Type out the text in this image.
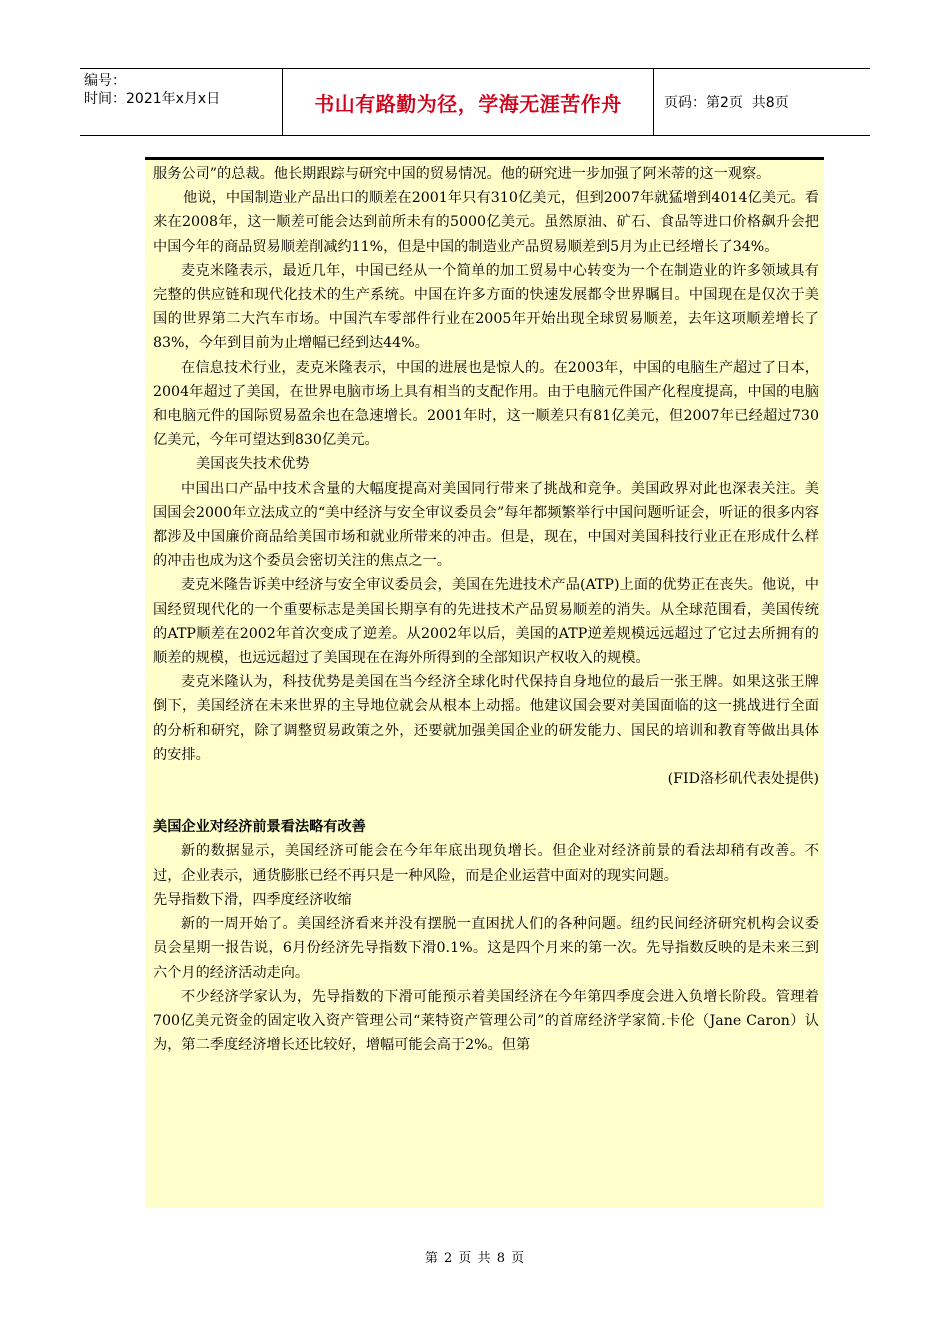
编号：
时间：2021年x月x日	书山有路勤为径，学海无涯苦作舟	页码：第2页  共8页

服务公司”的总裁。他长期跟踪与研究中国的贸易情况。他的研究进一步加强了阿米蒂的这一观察。

他说，中国制造业产品出口的顺差在2001年只有310亿美元，但到2007年就猛增到4014亿美元。看来在2008年，这一顺差可能会达到前所未有的5000亿美元。虽然原油、矿石、食品等进口价格飙升会把中国今年的商品贸易顺差削减约11%，但是中国的制造业产品贸易顺差到5月为止已经增长了34%。

麦克米隆表示，最近几年，中国已经从一个简单的加工贸易中心转变为一个在制造业的许多领域具有完整的供应链和现代化技术的生产系统。中国在许多方面的快速发展都令世界瞩目。中国现在是仅次于美国的世界第二大汽车市场。中国汽车零部件行业在2005年开始出现全球贸易顺差，去年这项顺差增长了83%，今年到目前为止增幅已经到达44%。

在信息技术行业，麦克米隆表示，中国的进展也是惊人的。在2003年，中国的电脑生产超过了日本，2004年超过了美国，在世界电脑市场上具有相当的支配作用。由于电脑元件国产化程度提高，中国的电脑和电脑元件的国际贸易盈余也在急速增长。2001年时，这一顺差只有81亿美元，但2007年已经超过730亿美元，今年可望达到830亿美元。

美国丧失技术优势

中国出口产品中技术含量的大幅度提高对美国同行带来了挑战和竞争。美国政界对此也深表关注。美国国会2000年立法成立的“美中经济与安全审议委员会”每年都频繁举行中国问题听证会，听证的很多内容都涉及中国廉价商品给美国市场和就业所带来的冲击。但是，现在，中国对美国科技行业正在形成什么样的冲击也成为这个委员会密切关注的焦点之一。

麦克米隆告诉美中经济与安全审议委员会，美国在先进技术产品(ATP)上面的优势正在丧失。他说，中国经贸现代化的一个重要标志是美国长期享有的先进技术产品贸易顺差的消失。从全球范围看，美国传统的ATP顺差在2002年首次变成了逆差。从2002年以后，美国的ATP逆差规模远远超过了它过去所拥有的顺差的规模，也远远超过了美国现在在海外所得到的全部知识产权收入的规模。

麦克米隆认为，科技优势是美国在当今经济全球化时代保持自身地位的最后一张王牌。如果这张王牌倒下，美国经济在未来世界的主导地位就会从根本上动摇。他建议国会要对美国面临的这一挑战进行全面的分析和研究，除了调整贸易政策之外，还要就加强美国企业的研发能力、国民的培训和教育等做出具体的安排。

(FID洛杉矶代表处提供)

美国企业对经济前景看法略有改善

新的数据显示，美国经济可能会在今年年底出现负增长。但企业对经济前景的看法却稍有改善。不过，企业表示，通货膨胀已经不再只是一种风险，而是企业运营中面对的现实问题。

先导指数下滑，四季度经济收缩

新的一周开始了。美国经济看来并没有摆脱一直困扰人们的各种问题。纽约民间经济研究机构会议委员会星期一报告说，6月份经济先导指数下滑0.1%。这是四个月来的第一次。先导指数反映的是未来三到六个月的经济活动走向。

不少经济学家认为，先导指数的下滑可能预示着美国经济在今年第四季度会进入负增长阶段。管理着700亿美元资金的固定收入资产管理公司“莱特资产管理公司”的首席经济学家简.卡伦（Jane Caron）认为，第二季度经济增长还比较好，增幅可能会高于2%。但第

第 2 页 共 8 页
